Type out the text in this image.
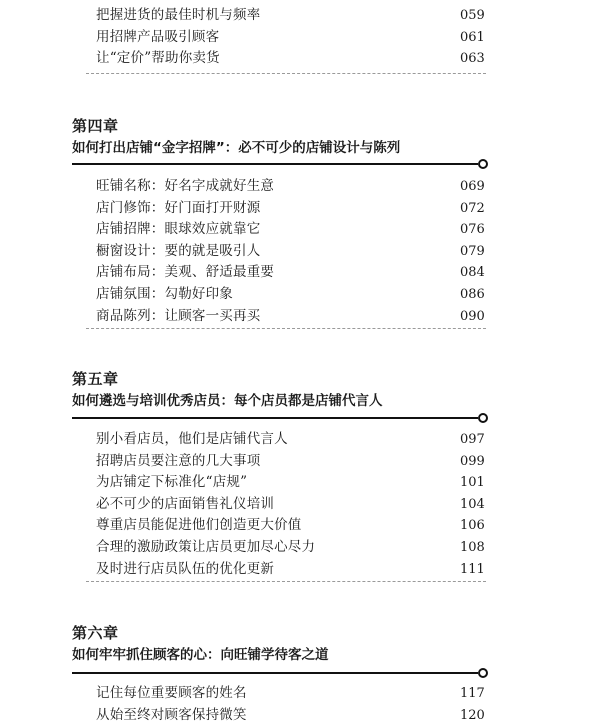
把握进货的最佳时机与频率	059
用招牌产品吸引顾客	061
让“定价”帮助你卖货	063
第四章
如何打出店铺“金字招牌”：必不可少的店铺设计与陈列
旺铺名称：好名字成就好生意	069
店门修饰：好门面打开财源	072
店铺招牌：眼球效应就靠它	076
橱窗设计：要的就是吸引人	079
店铺布局：美观、舒适最重要	084
店铺氛围：勾勒好印象	086
商品陈列：让顾客一买再买	090
第五章
如何遴选与培训优秀店员：每个店员都是店铺代言人
别小看店员，他们是店铺代言人	097
招聘店员要注意的几大事项	099
为店铺定下标准化“店规”	101
必不可少的店面销售礼仪培训	104
尊重店员能促进他们创造更大价值	106
合理的激励政策让店员更加尽心尽力	108
及时进行店员队伍的优化更新	111
第六章
如何牢牢抓住顾客的心：向旺铺学待客之道
记住每位重要顾客的姓名	117
从始至终对顾客保持微笑	120
